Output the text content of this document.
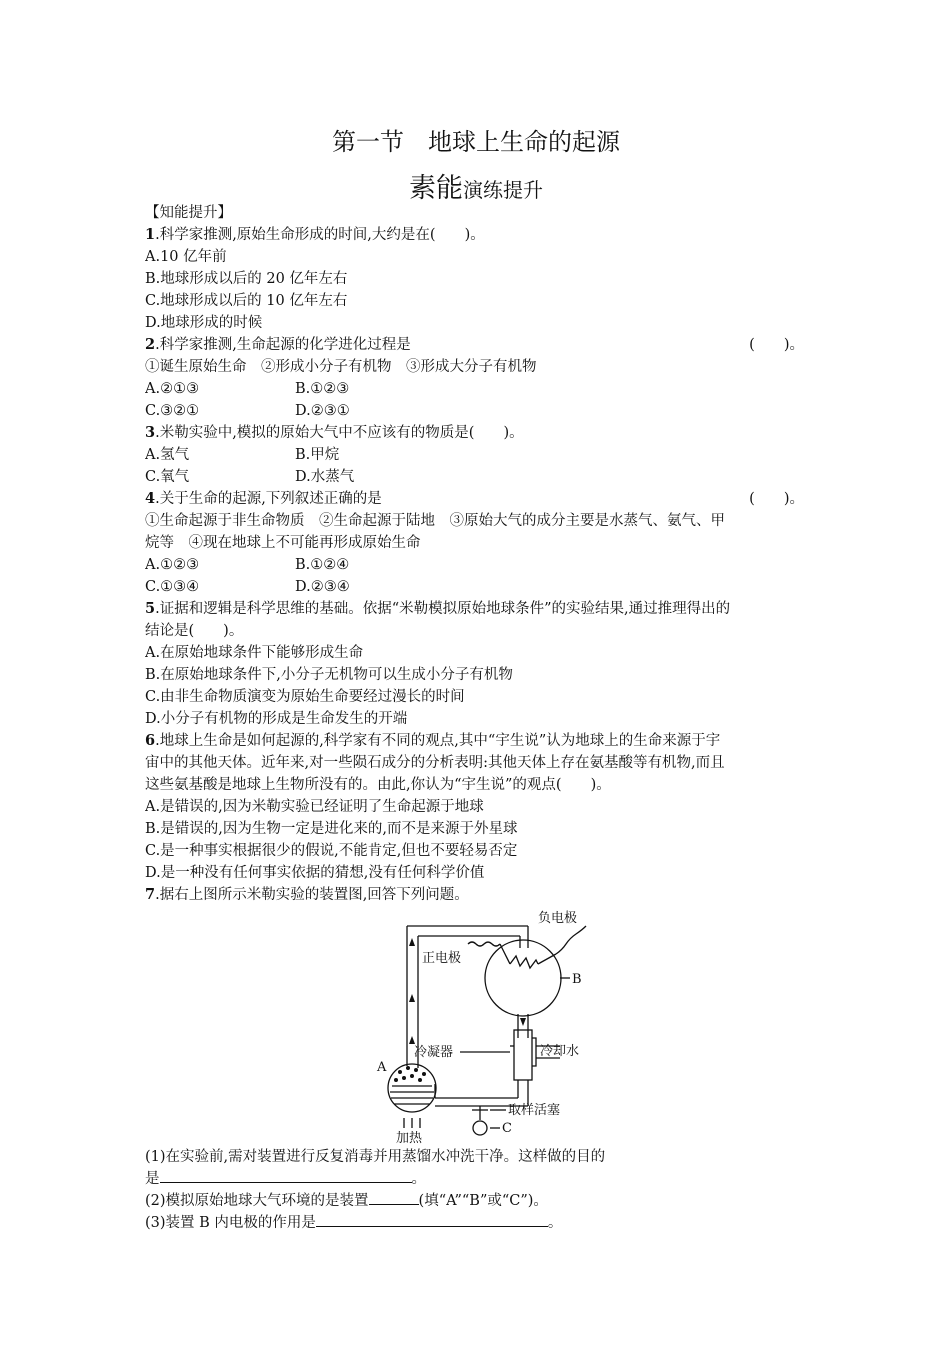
第一节　地球上生命的起源
素能演练提升
【知能提升】
1.科学家推测,原始生命形成的时间,大约是在(　　)。
A.10 亿年前
B.地球形成以后的 20 亿年左右
C.地球形成以后的 10 亿年左右
D.地球形成的时候
2.科学家推测,生命起源的化学进化过程是	(　　)。
①诞生原始生命　②形成小分子有机物　③形成大分子有机物
A.②①③	B.①②③
C.③②①	D.②③①
3.米勒实验中,模拟的原始大气中不应该有的物质是(　　)。
A.氢气	B.甲烷
C.氧气	D.水蒸气
4.关于生命的起源,下列叙述正确的是	(　　)。
①生命起源于非生命物质　②生命起源于陆地　③原始大气的成分主要是水蒸气、氨气、甲
烷等　④现在地球上不可能再形成原始生命
A.①②③	B.①②④
C.①③④	D.②③④
5.证据和逻辑是科学思维的基础。依据“米勒模拟原始地球条件”的实验结果,通过推理得出的
结论是(　　)。
A.在原始地球条件下能够形成生命
B.在原始地球条件下,小分子无机物可以生成小分子有机物
C.由非生命物质演变为原始生命要经过漫长的时间
D.小分子有机物的形成是生命发生的开端
6.地球上生命是如何起源的,科学家有不同的观点,其中“宇生说”认为地球上的生命来源于宇
宙中的其他天体。近年来,对一些陨石成分的分析表明:其他天体上存在氨基酸等有机物,而且
这些氨基酸是地球上生物所没有的。由此,你认为“宇生说”的观点(　　)。
A.是错误的,因为米勒实验已经证明了生命起源于地球
B.是错误的,因为生物一定是进化来的,而不是来源于外星球
C.是一种事实根据很少的假说,不能肯定,但也不要轻易否定
D.是一种没有任何事实依据的猜想,没有任何科学价值
7.据右上图所示米勒实验的装置图,回答下列问题。
负电极
正电极
B
冷凝器	冷却水
A
取样活塞
加热
C
(1)在实验前,需对装置进行反复消毒并用蒸馏水冲洗干净。这样做的目的
是	。
(2)模拟原始地球大气环境的是装置	(填“A”“B”或“C”)。
(3)装置 B 内电极的作用是	。
